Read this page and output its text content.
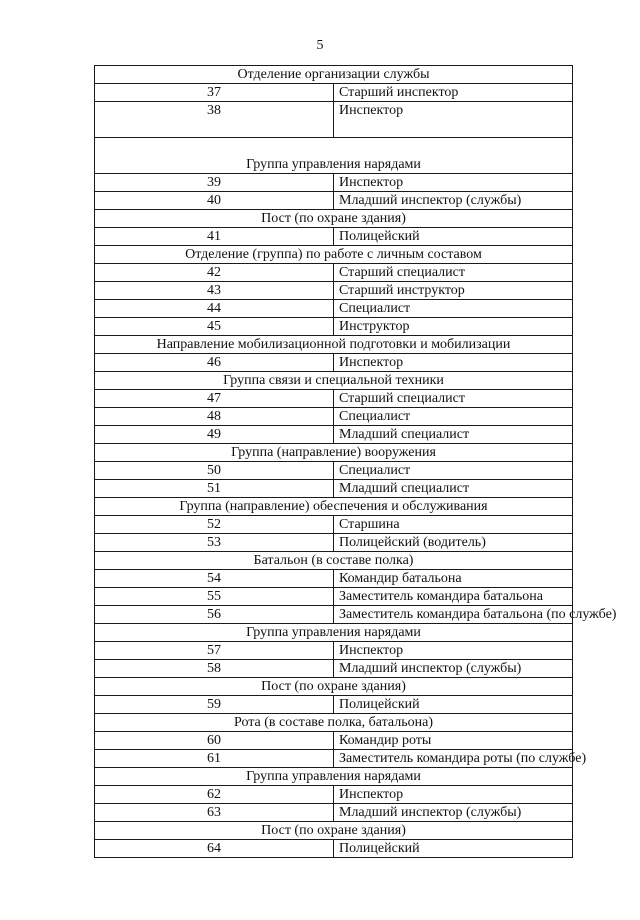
5
Отделение организации службы	
37	Старший инспектор
38	Инспектор
Группа управления нарядами	
39	Инспектор
40	Младший инспектор (службы)
Пост (по охране здания)	
41	Полицейский
Отделение (группа) по работе с личным составом	
42	Старший специалист
43	Старший инструктор
44	Специалист
45	Инструктор
Направление мобилизационной подготовки и мобилизации	
46	Инспектор
Группа связи и специальной техники	
47	Старший специалист
48	Специалист
49	Младший специалист
Группа (направление) вооружения	
50	Специалист
51	Младший специалист
Группа (направление) обеспечения и обслуживания	
52	Старшина
53	Полицейский (водитель)
Батальон (в составе полка)	
54	Командир батальона
55	Заместитель командира батальона
56	Заместитель командира батальона (по службе)
Группа управления нарядами	
57	Инспектор
58	Младший инспектор (службы)
Пост (по охране здания)	
59	Полицейский
Рота (в составе полка, батальона)	
60	Командир роты
61	Заместитель командира роты (по службе)
Группа управления нарядами	
62	Инспектор
63	Младший инспектор (службы)
Пост (по охране здания)	
64	Полицейский
